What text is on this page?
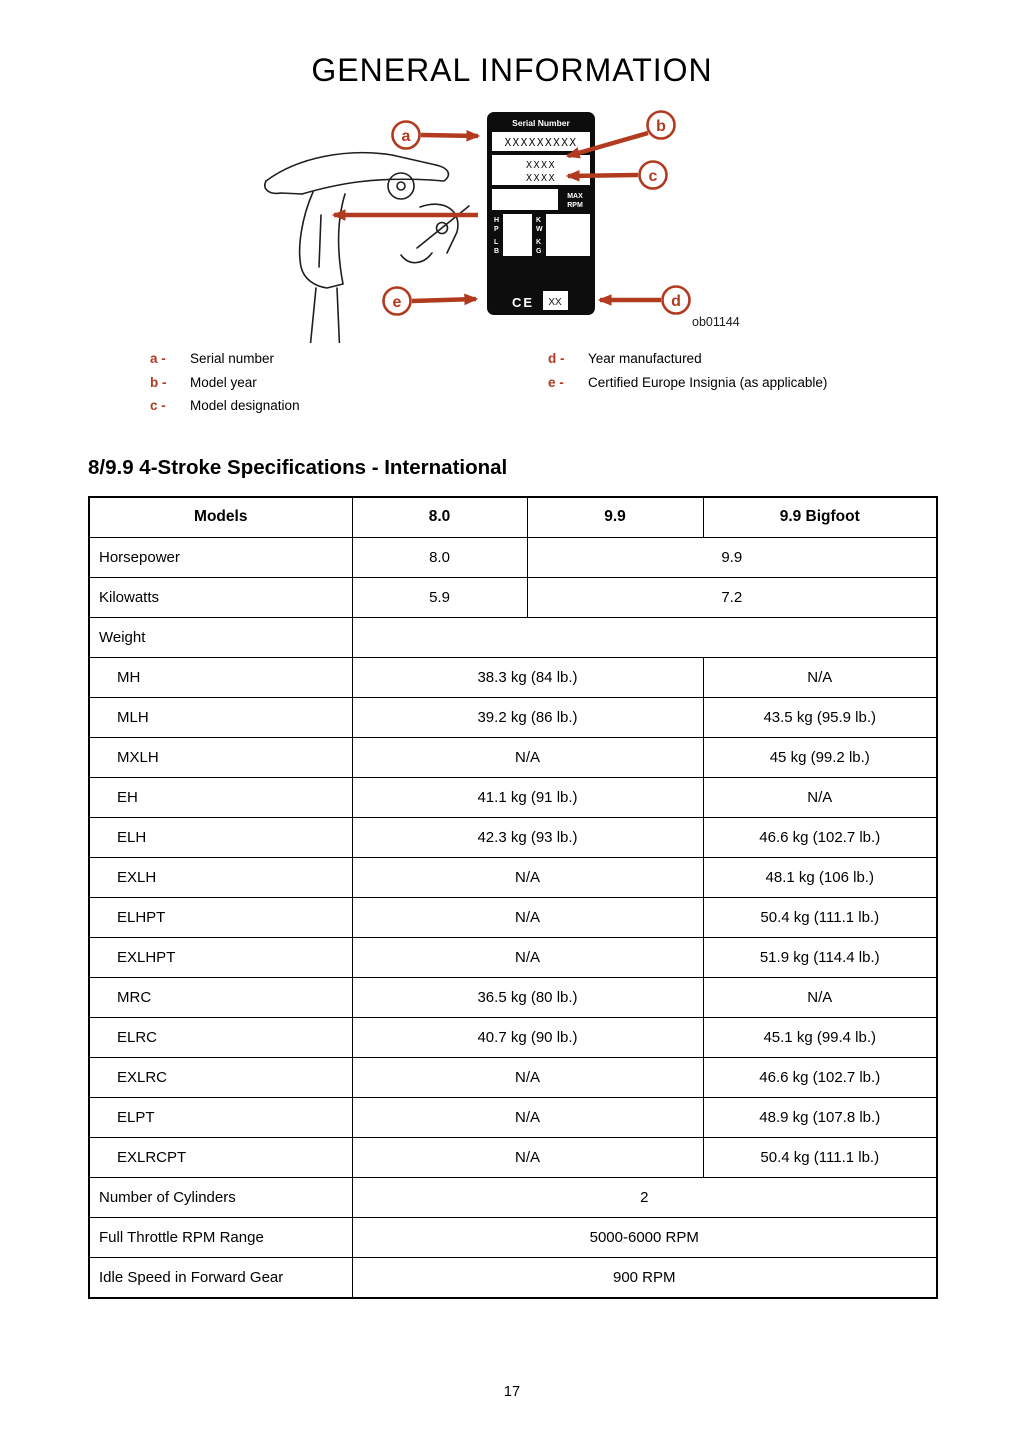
GENERAL INFORMATION
Serial Number
XXXXXXXXX
XXXX
XXXX
MAX
RPM
H
P
L
B
K
W
K
G
CE XX
a
b
c
d
e
ob01144
a -	Serial number
b -	Model year
c -	Model designation
d -	Year manufactured
e -	Certified Europe Insignia (as applicable)
8/9.9 4-Stroke Specifications - International
Models	8.0	9.9	9.9 Bigfoot
Horsepower	8.0	9.9	
Kilowatts	5.9	7.2	
Weight			
MH	38.3 kg (84 lb.)		N/A
MLH	39.2 kg (86 lb.)		43.5 kg (95.9 lb.)
MXLH	N/A		45 kg (99.2 lb.)
EH	41.1 kg (91 lb.)		N/A
ELH	42.3 kg (93 lb.)		46.6 kg (102.7 lb.)
EXLH	N/A		48.1 kg (106 lb.)
ELHPT	N/A		50.4 kg (111.1 lb.)
EXLHPT	N/A		51.9 kg (114.4 lb.)
MRC	36.5 kg (80 lb.)		N/A
ELRC	40.7 kg (90 lb.)		45.1 kg (99.4 lb.)
EXLRC	N/A		46.6 kg (102.7 lb.)
ELPT	N/A		48.9 kg (107.8 lb.)
EXLRCPT	N/A		50.4 kg (111.1 lb.)
Number of Cylinders	2		
Full Throttle RPM Range	5000-6000 RPM		
Idle Speed in Forward Gear	900 RPM		
17
